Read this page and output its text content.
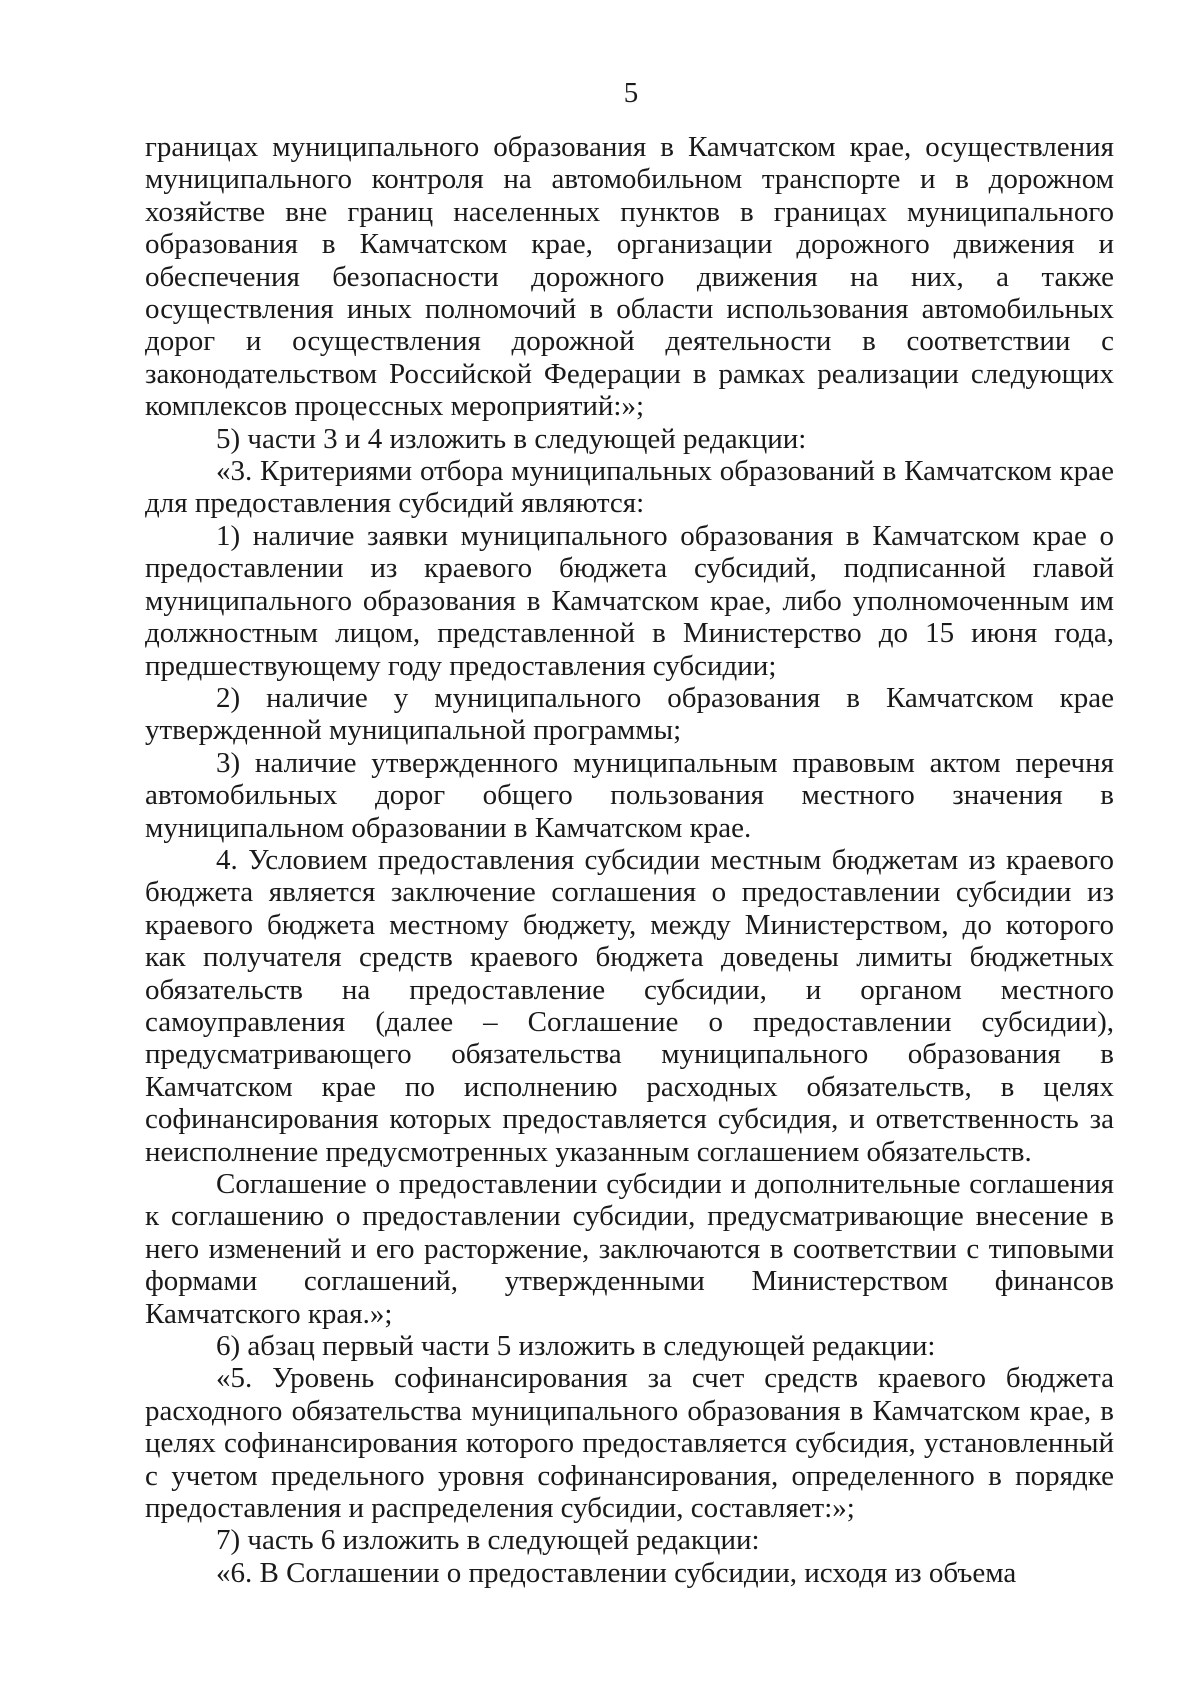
5

границах муниципального образования в Камчатском крае, осуществления муниципального контроля на автомобильном транспорте и в дорожном хозяйстве вне границ населенных пунктов в границах муниципального образования в Камчатском крае, организации дорожного движения и обеспечения безопасности дорожного движения на них, а также осуществления иных полномочий в области использования автомобильных дорог и осуществления дорожной деятельности в соответствии с законодательством Российской Федерации в рамках реализации следующих комплексов процессных мероприятий:»;

5) части 3 и 4 изложить в следующей редакции:

«3. Критериями отбора муниципальных образований в Камчатском крае для предоставления субсидий являются:

1) наличие заявки муниципального образования в Камчатском крае о предоставлении из краевого бюджета субсидий, подписанной главой муниципального образования в Камчатском крае, либо уполномоченным им должностным лицом, представленной в Министерство до 15 июня года, предшествующему году предоставления субсидии;

2) наличие у муниципального образования в Камчатском крае утвержденной муниципальной программы;

3) наличие утвержденного муниципальным правовым актом перечня автомобильных дорог общего пользования местного значения в муниципальном образовании в Камчатском крае.

4. Условием предоставления субсидии местным бюджетам из краевого бюджета является заключение соглашения о предоставлении субсидии из краевого бюджета местному бюджету, между Министерством, до которого как получателя средств краевого бюджета доведены лимиты бюджетных обязательств на предоставление субсидии, и органом местного самоуправления (далее – Соглашение о предоставлении субсидии), предусматривающего обязательства муниципального образования в Камчатском крае по исполнению расходных обязательств, в целях софинансирования которых предоставляется субсидия, и ответственность за неисполнение предусмотренных указанным соглашением обязательств.

Соглашение о предоставлении субсидии и дополнительные соглашения к соглашению о предоставлении субсидии, предусматривающие внесение в него изменений и его расторжение, заключаются в соответствии с типовыми формами соглашений, утвержденными Министерством финансов Камчатского края.»;

6) абзац первый части 5 изложить в следующей редакции:

«5. Уровень софинансирования за счет средств краевого бюджета расходного обязательства муниципального образования в Камчатском крае, в целях софинансирования которого предоставляется субсидия, установленный с учетом предельного уровня софинансирования, определенного в порядке предоставления и распределения субсидии, составляет:»;

7) часть 6 изложить в следующей редакции:

«6. В Соглашении о предоставлении субсидии, исходя из объема
